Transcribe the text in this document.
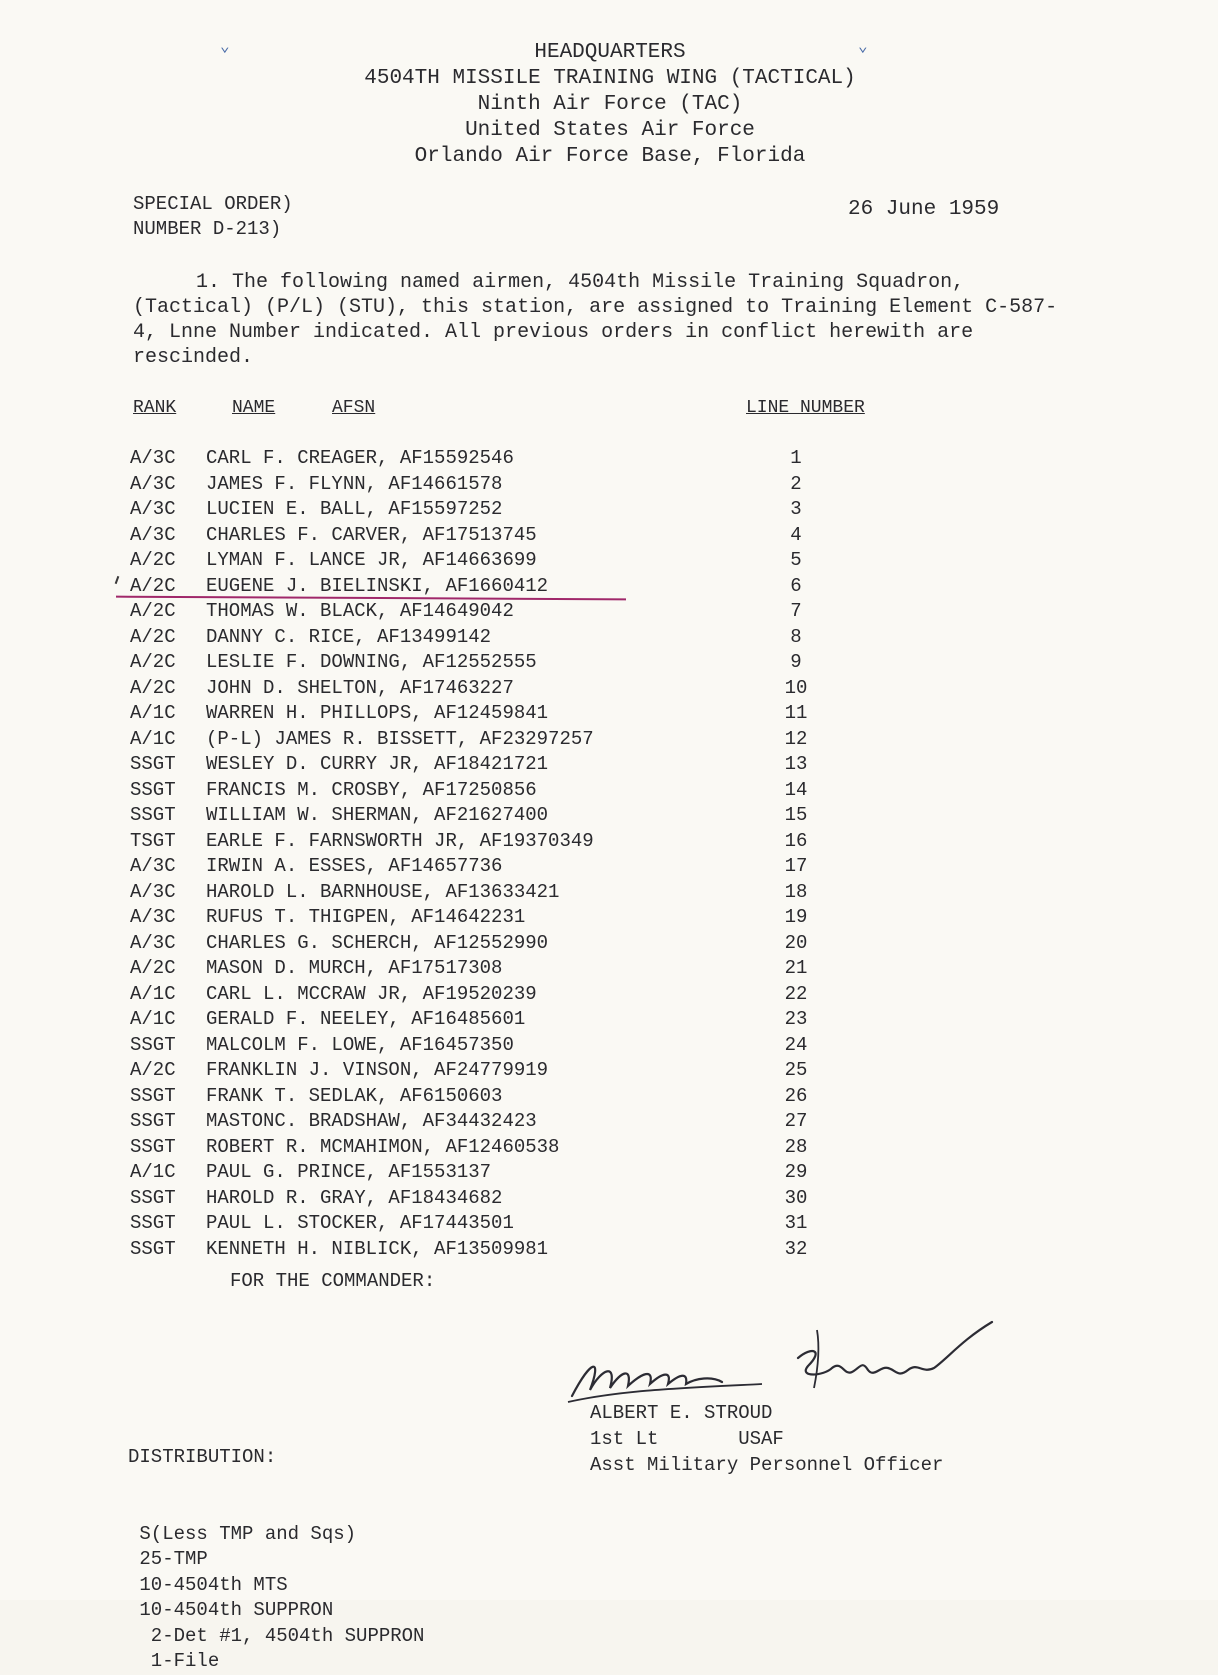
⌄	⌄
HEADQUARTERS
4504TH MISSILE TRAINING WING (TACTICAL)
Ninth Air Force (TAC)
United States Air Force
Orlando Air Force Base, Florida
SPECIAL ORDER)
NUMBER D-213)
26 June 1959
1. The following named airmen, 4504th Missile Training Squadron, (Tactical) (P/L) (STU), this station, are assigned to Training Element C-587-4, Lnne Number indicated. All previous orders in conflict herewith are rescinded.
RANK	NAME	AFSN	LINE NUMBER
A/3C	CARL F. CREAGER, AF15592546	1
A/3C	JAMES F. FLYNN, AF14661578	2
A/3C	LUCIEN E. BALL, AF15597252	3
A/3C	CHARLES F. CARVER, AF17513745	4
A/2C	LYMAN F. LANCE JR, AF14663699	5
A/2C	EUGENE J. BIELINSKI, AF1660412	6
A/2C	THOMAS W. BLACK, AF14649042	7
A/2C	DANNY C. RICE, AF13499142	8
A/2C	LESLIE F. DOWNING, AF12552555	9
A/2C	JOHN D. SHELTON, AF17463227	10
A/1C	WARREN H. PHILLOPS, AF12459841	11
A/1C	(P-L) JAMES R. BISSETT, AF23297257	12
SSGT	WESLEY D. CURRY JR, AF18421721	13
SSGT	FRANCIS M. CROSBY, AF17250856	14
SSGT	WILLIAM W. SHERMAN, AF21627400	15
TSGT	EARLE F. FARNSWORTH JR, AF19370349	16
A/3C	IRWIN A. ESSES, AF14657736	17
A/3C	HAROLD L. BARNHOUSE, AF13633421	18
A/3C	RUFUS T. THIGPEN, AF14642231	19
A/3C	CHARLES G. SCHERCH, AF12552990	20
A/2C	MASON D. MURCH, AF17517308	21
A/1C	CARL L. MCCRAW JR, AF19520239	22
A/1C	GERALD F. NEELEY, AF16485601	23
SSGT	MALCOLM F. LOWE, AF16457350	24
A/2C	FRANKLIN J. VINSON, AF24779919	25
SSGT	FRANK T. SEDLAK, AF6150603	26
SSGT	MASTONC. BRADSHAW, AF34432423	27
SSGT	ROBERT R. MCMAHIMON, AF12460538	28
A/1C	PAUL G. PRINCE, AF1553137	29
SSGT	HAROLD R. GRAY, AF18434682	30
SSGT	PAUL L. STOCKER, AF17443501	31
SSGT	KENNETH H. NIBLICK, AF13509981	32
FOR THE COMMANDER:
ALBERT E. STROUD
1st Lt       USAF
Asst Military Personnel Officer

DISTRIBUTION:

S(Less TMP and Sqs)
25-TMP
10-4504th MTS
10-4504th SUPPRON
2-Det #1, 4504th SUPPRON
1-File
